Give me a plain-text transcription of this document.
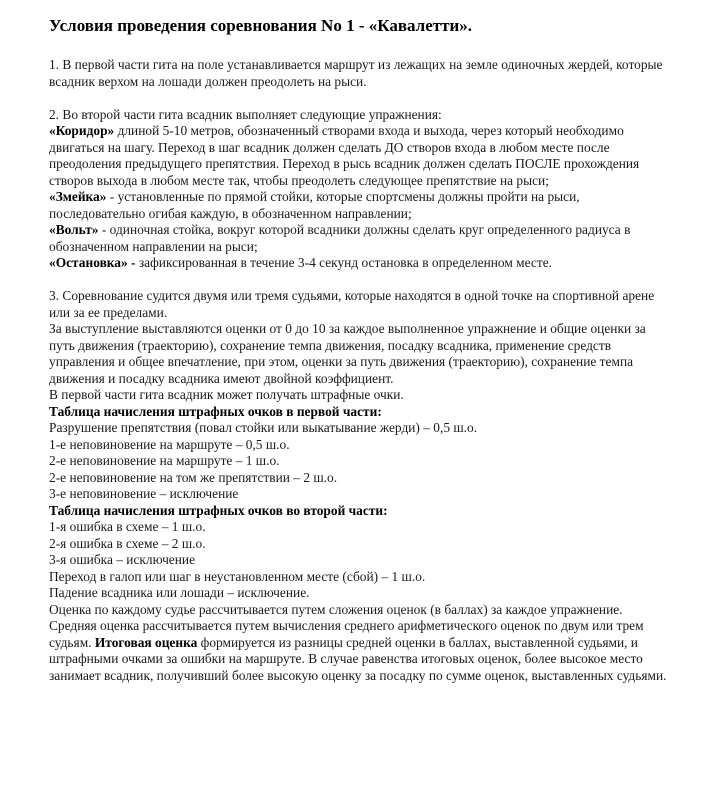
Условия проведения соревнования No 1 - «Кавалетти».

1. В первой части гита на поле устанавливается маршрут из лежащих на земле одиночных жердей, которые всадник верхом на лошади должен преодолеть на рыси.

2. Во второй части гита всадник выполняет следующие упражнения:

«Коридор» длиной 5-10 метров, обозначенный створами входа и выхода, через который необходимо двигаться на шагу. Переход в шаг всадник должен сделать ДО створов входа в любом месте после преодоления предыдущего препятствия. Переход в рысь всадник должен сделать ПОСЛЕ прохождения створов выхода в любом месте так, чтобы преодолеть следующее препятствие на рыси;

«Змейка» - установленные по прямой стойки, которые спортсмены должны пройти на рыси, последовательно огибая каждую, в обозначенном направлении;

«Вольт» - одиночная стойка, вокруг которой всадники должны сделать круг определенного радиуса в обозначенном направлении на рыси;

«Остановка» - зафиксированная в течение 3-4 секунд остановка в определенном месте.

3. Соревнование судится двумя или тремя судьями, которые находятся в одной точке на спортивной арене или за ее пределами.

За выступление выставляются оценки от 0 до 10 за каждое выполненное упражнение и общие оценки за путь движения (траекторию), сохранение темпа движения, посадку всадника, применение средств управления и общее впечатление, при этом, оценки за путь движения (траекторию), сохранение темпа движения и посадку всадника имеют двойной коэффициент.

В первой части гита всадник может получать штрафные очки.

Таблица начисления штрафных очков в первой части:

Разрушение препятствия (повал стойки или выкатывание жерди) – 0,5 ш.о.

1-е неповиновение на маршруте – 0,5 ш.о.

2-е неповиновение на маршруте – 1 ш.о.

2-е неповиновение на том же препятствии – 2 ш.о.

3-е неповиновение – исключение

Таблица начисления штрафных очков во второй части:

1-я ошибка в схеме – 1 ш.о.

2-я ошибка в схеме – 2 ш.о.

3-я ошибка – исключение

Переход в галоп или шаг в неустановленном месте (сбой) – 1 ш.о.

Падение всадника или лошади – исключение.

Оценка по каждому судье рассчитывается путем сложения оценок (в баллах) за каждое упражнение. Средняя оценка рассчитывается путем вычисления среднего арифметического оценок по двум или трем судьям. Итоговая оценка формируется из разницы средней оценки в баллах, выставленной судьями, и штрафными очками за ошибки на маршруте. В случае равенства итоговых оценок, более высокое место занимает всадник, получивший более высокую оценку за посадку по сумме оценок, выставленных судьями.
